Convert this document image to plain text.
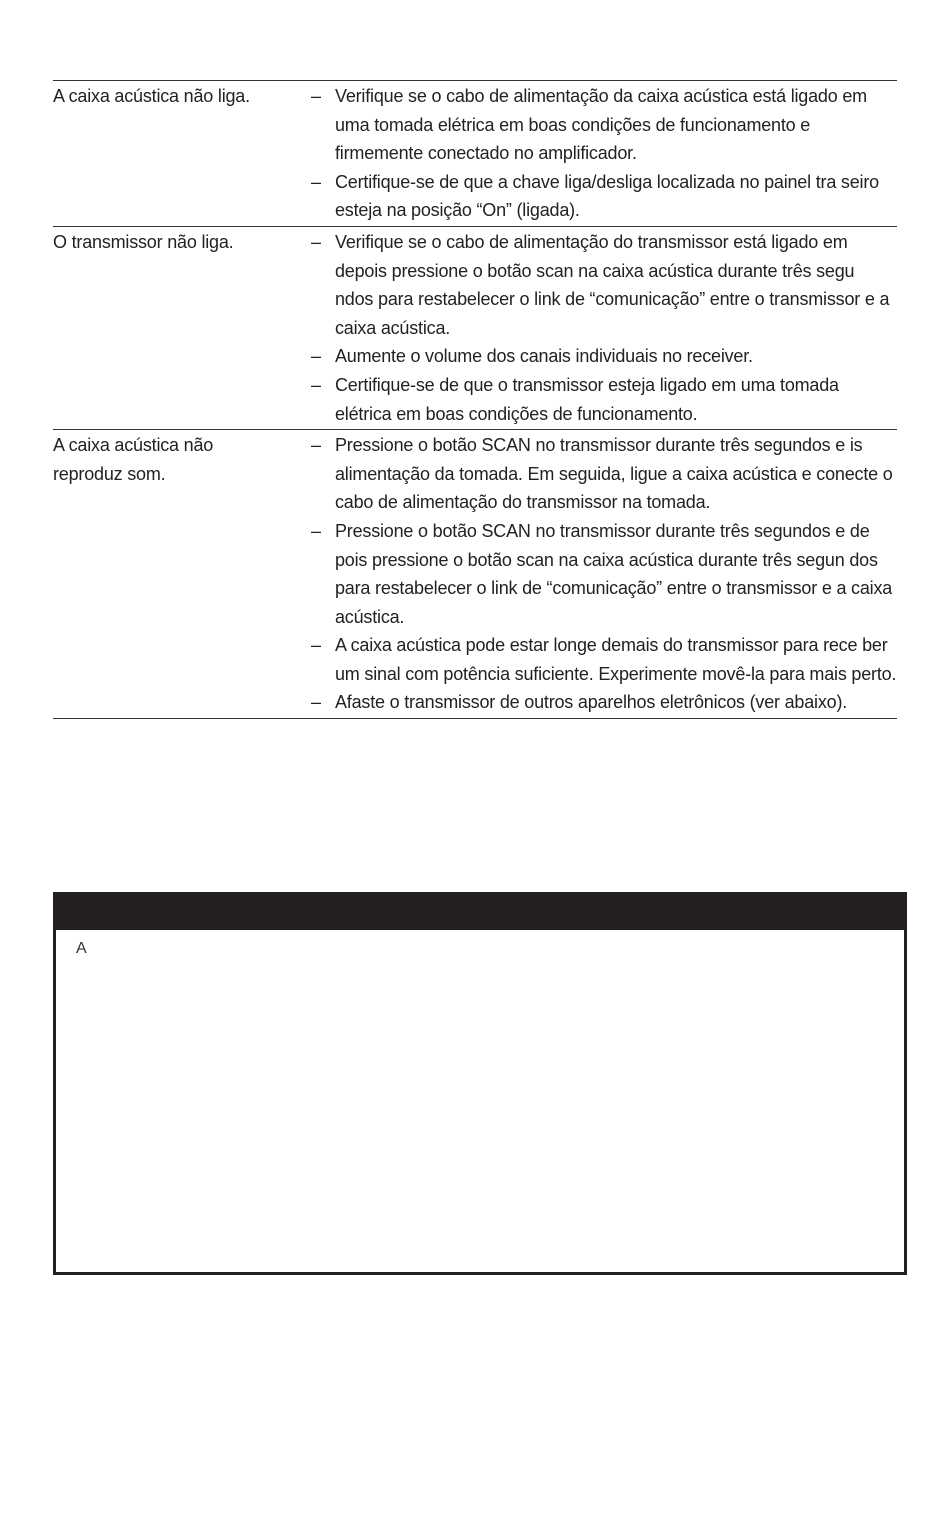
A caixa acústica não liga.	– Verifique se o cabo de alimentação da caixa acústica está ligado em uma tomada elétrica em boas condições de funcionamento e firmemente conectado no amplificador.
– Certifique-se de que a chave liga/desliga localizada no painel tra seiro esteja na posição “On” (ligada).
O transmissor não liga.	– Verifique se o cabo de alimentação do transmissor está ligado em depois pressione o botão scan na caixa acústica durante três segu ndos para restabelecer o link de “comunicação” entre o transmissor e a caixa acústica.
– Aumente o volume dos canais individuais no receiver.
– Certifique-se de que o transmissor esteja ligado em uma tomada elétrica em boas condições de funcionamento.
A caixa acústica não
reproduz som.
– Pressione o botão SCAN no transmissor durante três segundos e is alimentação da tomada. Em seguida, ligue a caixa acústica e conecte o cabo de alimentação do transmissor na tomada.
– Pressione o botão SCAN no transmissor durante três segundos e de pois pressione o botão scan na caixa acústica durante três segun dos para restabelecer o link de “comunicação” entre o transmissor e a caixa acústica.
– A caixa acústica pode estar longe demais do transmissor para rece ber um sinal com potência suficiente. Experimente movê-la para mais perto.
– Afaste o transmissor de outros aparelhos eletrônicos (ver abaixo).
A
